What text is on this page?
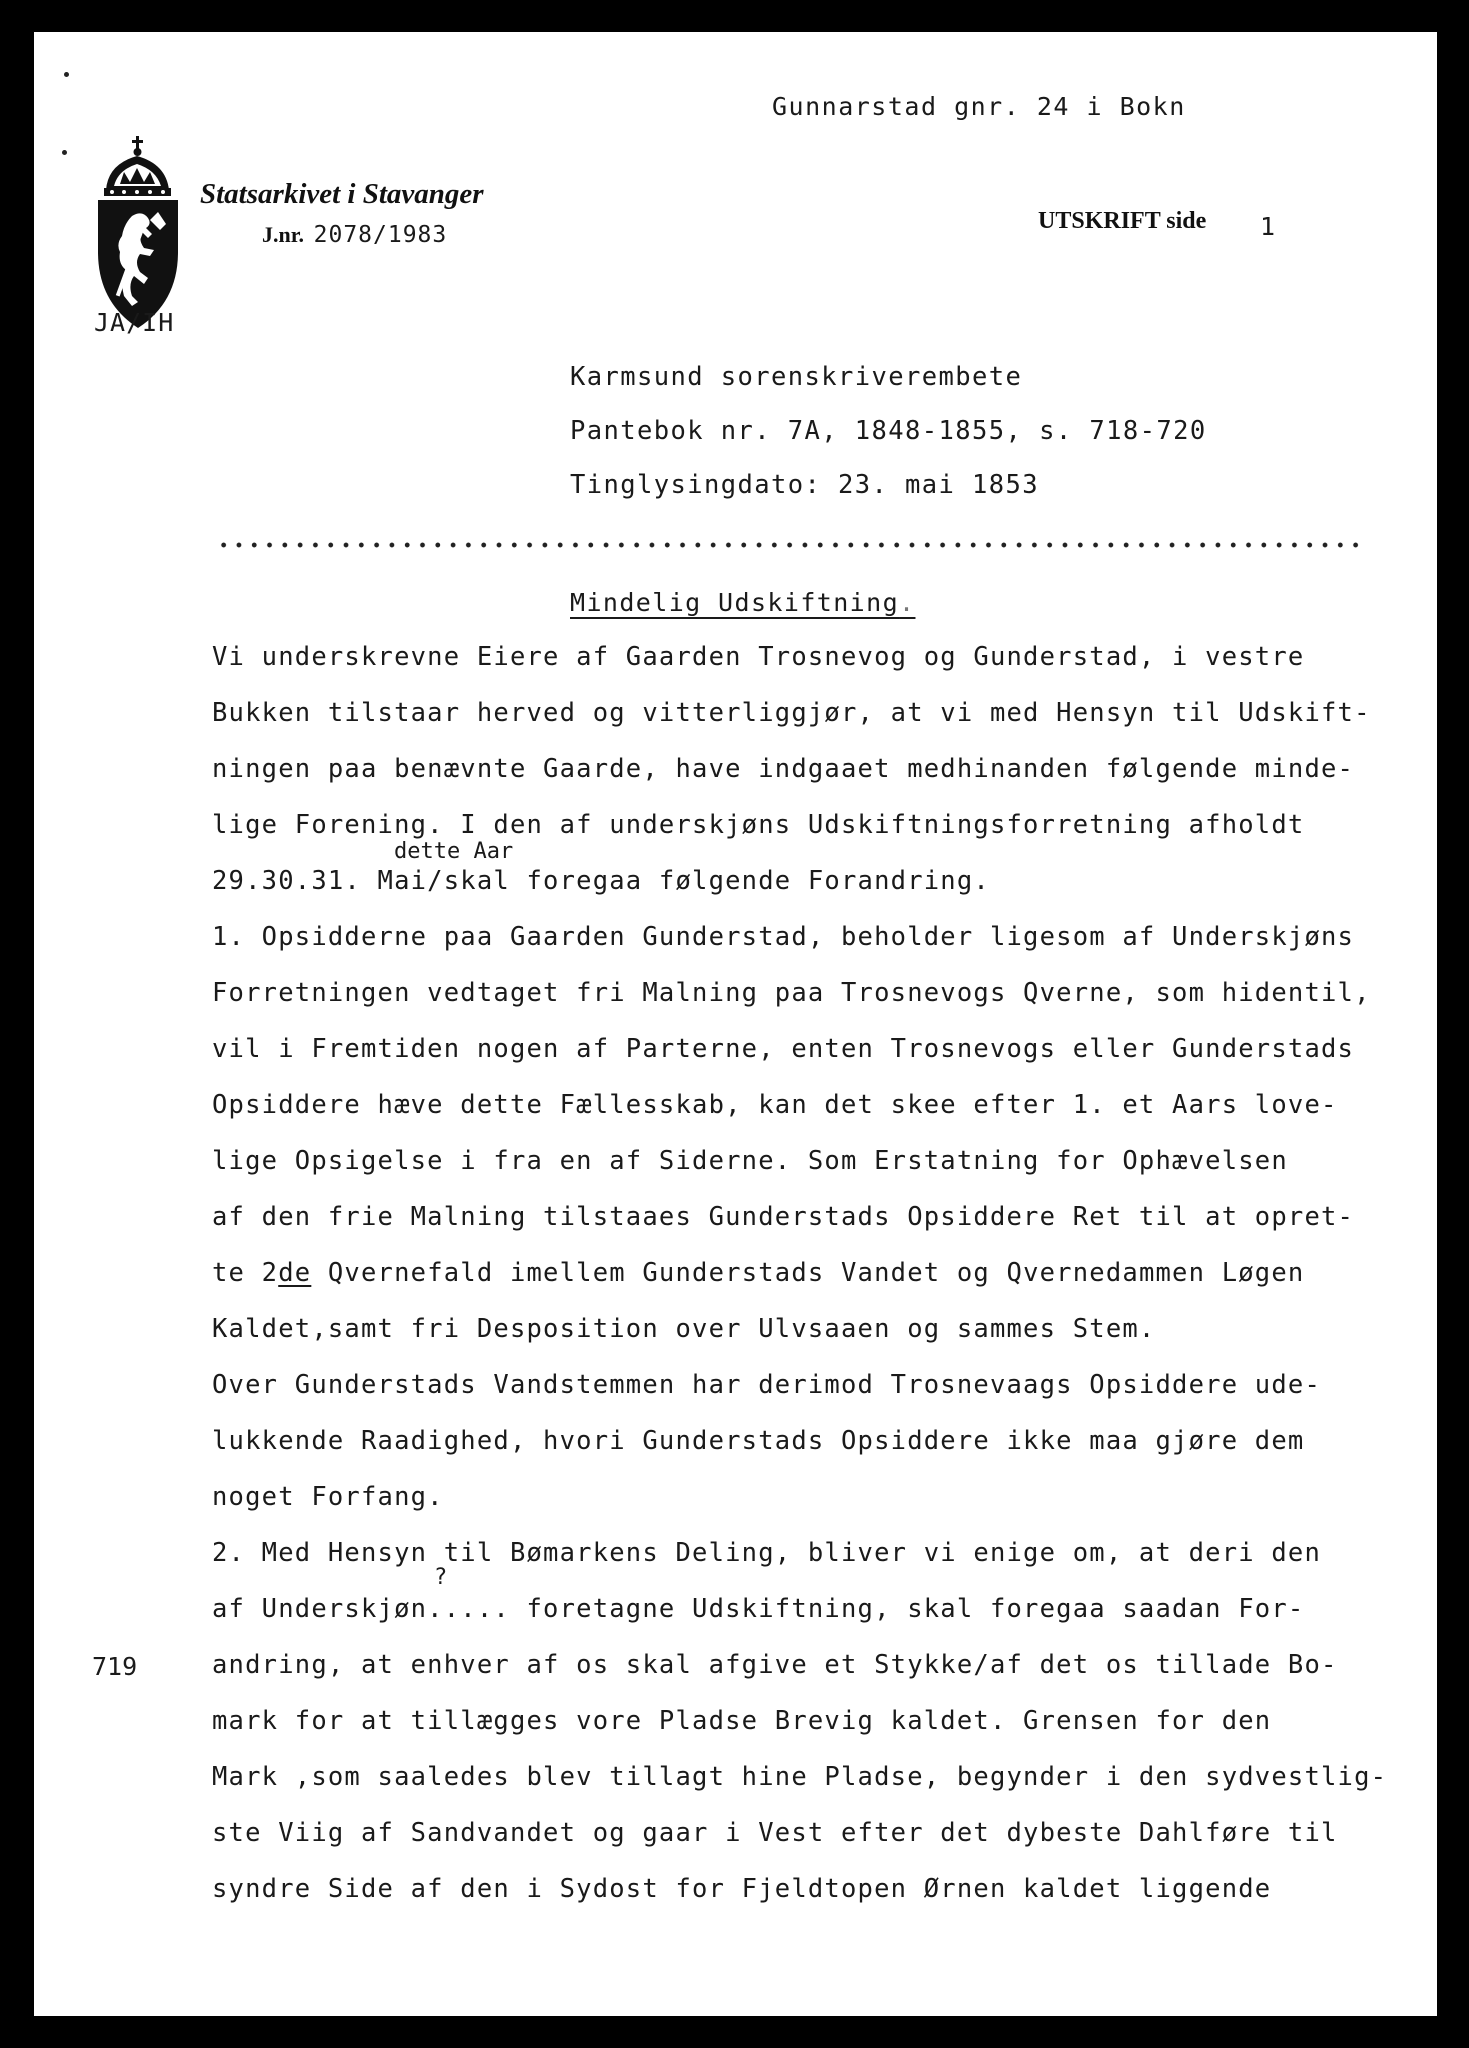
Gunnarstad gnr. 24 i Bokn
Statsarkivet i Stavanger
J.nr. 2078/1983
UTSKRIFT side 1
JA/IH
Karmsund sorenskriverembete
Pantebok nr. 7A, 1848-1855, s. 718-720
Tinglysingdato: 23. mai 1853
Mindelig Udskiftning.
Vi underskrevne Eiere af Gaarden Trosnevog og Gunderstad, i vestre
Bukken tilstaar herved og vitterliggjør, at vi med Hensyn til Udskift-
ningen paa benævnte Gaarde, have indgaaet medhinanden følgende minde-
lige Forening. I den af underskjøns Udskiftningsforretning afholdt
dette Aar
29.30.31. Mai/skal foregaa følgende Forandring.
1. Opsidderne paa Gaarden Gunderstad, beholder ligesom af Underskjøns
Forretningen vedtaget fri Malning paa Trosnevogs Qverne, som hidentil,
vil i Fremtiden nogen af Parterne, enten Trosnevogs eller Gunderstads
Opsiddere hæve dette Fællesskab, kan det skee efter 1. et Aars love-
lige Opsigelse i fra en af Siderne. Som Erstatning for Ophævelsen
af den frie Malning tilstaaes Gunderstads Opsiddere Ret til at opret-
te 2de Qvernefald imellem Gunderstads Vandet og Qvernedammen Løgen
Kaldet,samt fri Desposition over Ulvsaaen og sammes Stem.
Over Gunderstads Vandstemmen har derimod Trosnevaags Opsiddere ude-
lukkende Raadighed, hvori Gunderstads Opsiddere ikke maa gjøre dem
noget Forfang.
2. Med Hensyn til Bømarkens Deling, bliver vi enige om, at deri den
?
af Underskjøn..... foretagne Udskiftning, skal foregaa saadan For-
719	andring, at enhver af os skal afgive et Stykke/af det os tillade Bo-
mark for at tillægges vore Pladse Brevig kaldet. Grensen for den
Mark ,som saaledes blev tillagt hine Pladse, begynder i den sydvestlig-
ste Viig af Sandvandet og gaar i Vest efter det dybeste Dahlføre til
syndre Side af den i Sydost for Fjeldtopen Ørnen kaldet liggende
